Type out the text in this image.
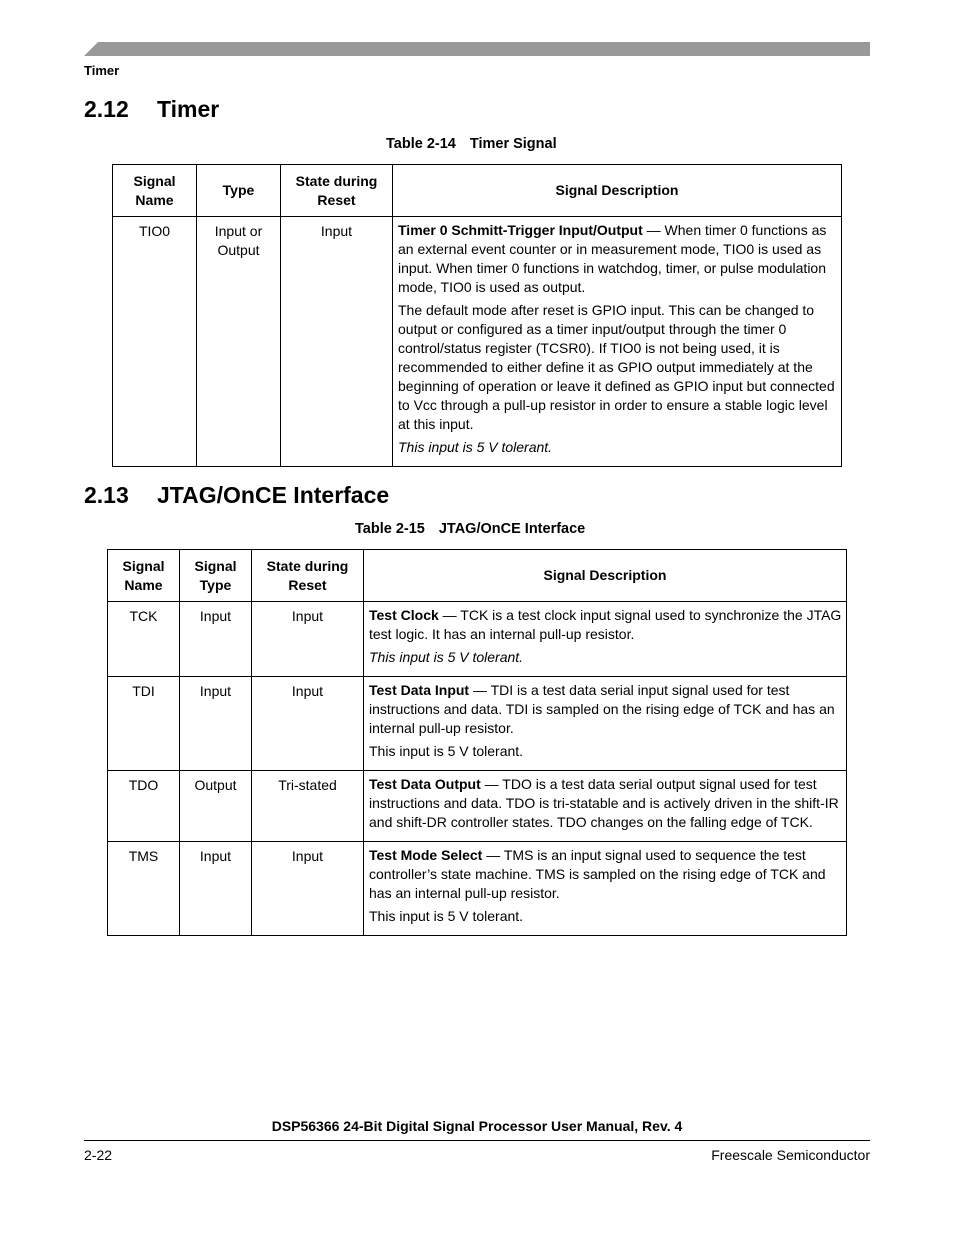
Timer
2.12 Timer
Table 2-14 Timer Signal
Signal Name	Type	State during Reset	Signal Description
TIO0	Input or Output	Input	Timer 0 Schmitt-Trigger Input/Output — When timer 0 functions as an external event counter or in measurement mode, TIO0 is used as input. When timer 0 functions in watchdog, timer, or pulse modulation mode, TIO0 is used as output.

The default mode after reset is GPIO input. This can be changed to output or configured as a timer input/output through the timer 0 control/status register (TCSR0). If TIO0 is not being used, it is recommended to either define it as GPIO output immediately at the beginning of operation or leave it defined as GPIO input but connected to Vcc through a pull-up resistor in order to ensure a stable logic level at this input.

This input is 5 V tolerant.

2.13 JTAG/OnCE Interface
Table 2-15 JTAG/OnCE Interface
Signal Name	Signal Type	State during Reset	Signal Description
TCK	Input	Input	Test Clock — TCK is a test clock input signal used to synchronize the JTAG test logic. It has an internal pull-up resistor.

This input is 5 V tolerant.

TDI	Input	Input	Test Data Input — TDI is a test data serial input signal used for test instructions and data. TDI is sampled on the rising edge of TCK and has an internal pull-up resistor.

This input is 5 V tolerant.

TDO	Output	Tri-stated	Test Data Output — TDO is a test data serial output signal used for test instructions and data. TDO is tri-statable and is actively driven in the shift-IR and shift-DR controller states. TDO changes on the falling edge of TCK.

TMS	Input	Input	Test Mode Select — TMS is an input signal used to sequence the test controller’s state machine. TMS is sampled on the rising edge of TCK and has an internal pull-up resistor.

This input is 5 V tolerant.

DSP56366 24-Bit Digital Signal Processor User Manual, Rev. 4
2-22	Freescale Semiconductor
